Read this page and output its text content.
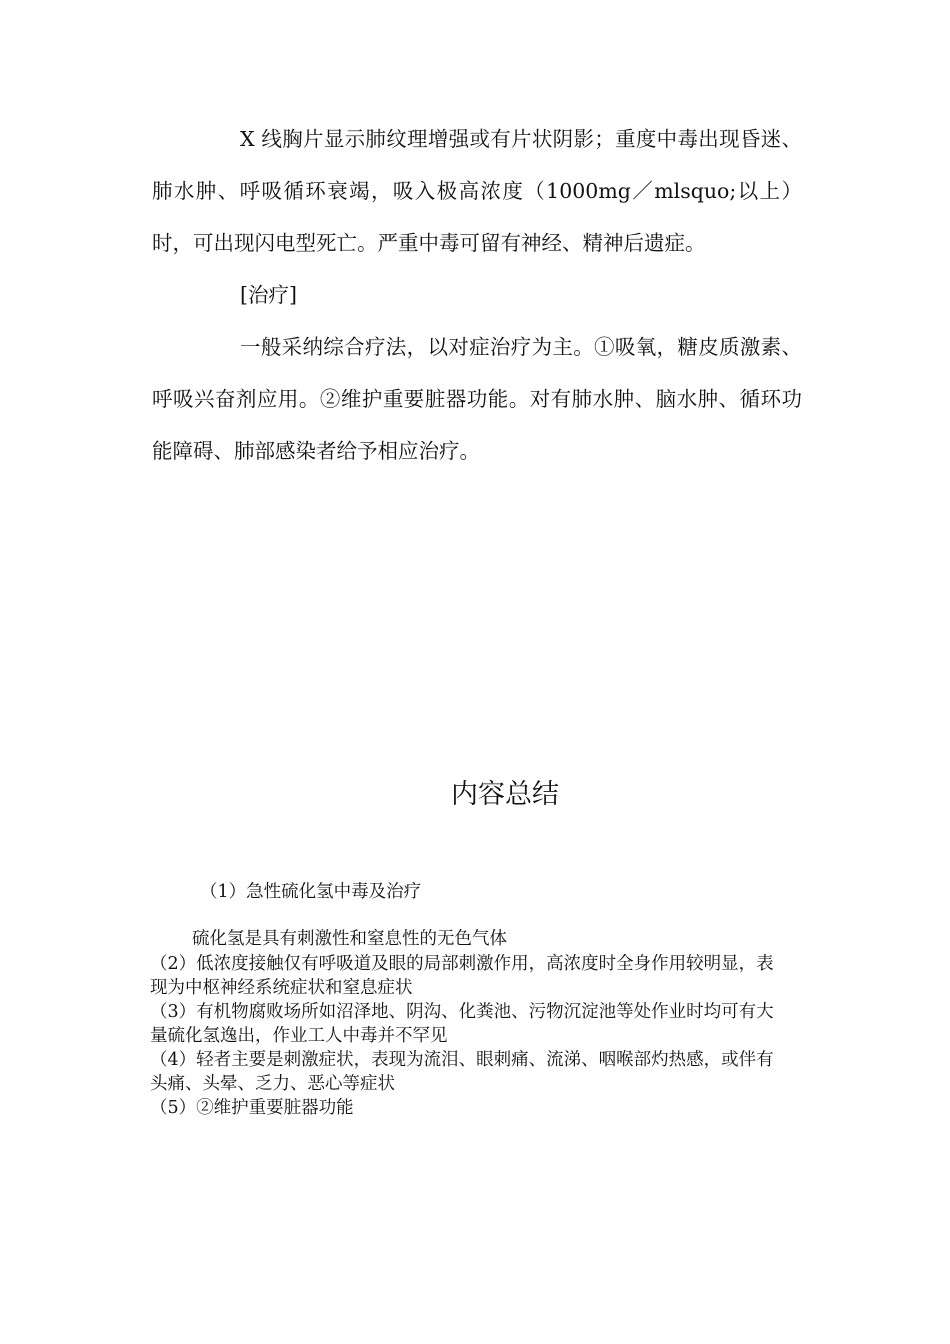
X 线胸片显示肺纹理增强或有片状阴影；重度中毒出现昏迷、肺水肿、呼吸循环衰竭，吸入极高浓度（1000mg／mlsquo;以上）时，可出现闪电型死亡。严重中毒可留有神经、精神后遗症。

[治疗]

一般采纳综合疗法，以对症治疗为主。①吸氧，糖皮质激素、呼吸兴奋剂应用。②维护重要脏器功能。对有肺水肿、脑水肿、循环功能障碍、肺部感染者给予相应治疗。

内容总结
（1）急性硫化氢中毒及治疗
硫化氢是具有刺激性和窒息性的无色气体

（2）低浓度接触仅有呼吸道及眼的局部刺激作用，高浓度时全身作用较明显，表现为中枢神经系统症状和窒息症状

（3）有机物腐败场所如沼泽地、阴沟、化粪池、污物沉淀池等处作业时均可有大量硫化氢逸出，作业工人中毒并不罕见

（4）轻者主要是刺激症状，表现为流泪、眼刺痛、流涕、咽喉部灼热感，或伴有头痛、头晕、乏力、恶心等症状

（5）②维护重要脏器功能
